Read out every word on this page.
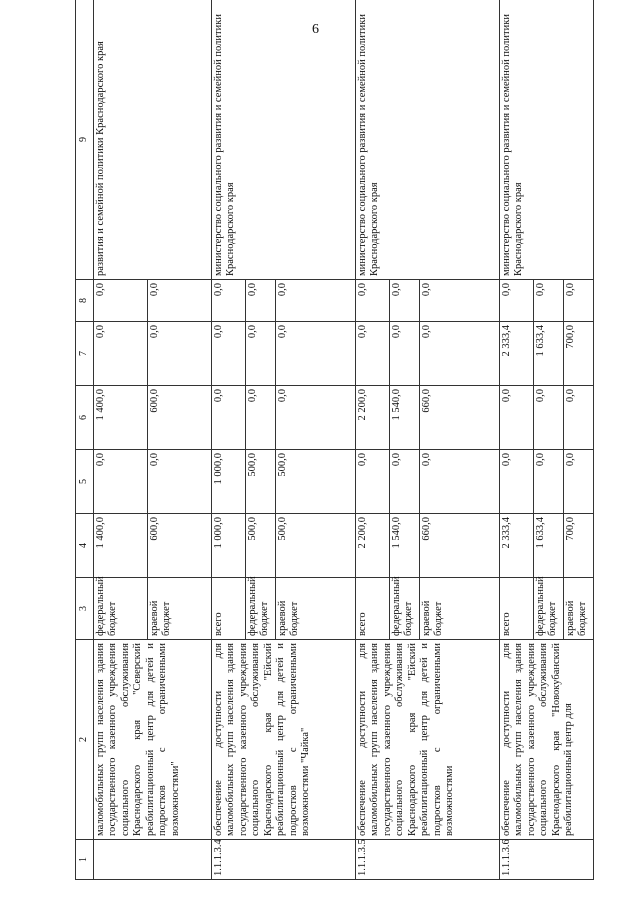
6
1	2	3	4	5	6	7	8	9
	маломобильных групп населения здания государственного казенного учреждения социального обслуживания Краснодарского края "Северский реабилитационный центр для детей и подростков с ограниченными возможностями"	федеральный бюджет	1 400,0	0,0	1 400,0	0,0	0,0	развития и семейной политики Краснодарского края
		краевой бюджет	600,0	0,0	600,0	0,0	0,0	
1.1.1.3.4	обеспечение доступности для маломобильных групп населения здания государственного казенного учреждения социального обслуживания Краснодарского края "Ейский реабилитационный центр для детей и подростков с ограниченными возможностями "Чайка"	всего	1 000,0	1 000,0	0,0	0,0	0,0	министерство социального развития и семейной политики Краснодарского края
		федеральный бюджет	500,0	500,0	0,0	0,0	0,0	
		краевой бюджет	500,0	500,0	0,0	0,0	0,0	
1.1.1.3.5	обеспечение доступности для маломобильных групп населения здания государственного казенного учреждения социального обслуживания Краснодарского края "Ейский реабилитационный центр для детей и подростков с ограниченными возможностями	всего	2 200,0	0,0	2 200,0	0,0	0,0	министерство социального развития и семейной политики Краснодарского края
		федеральный бюджет	1 540,0	0,0	1 540,0	0,0	0,0	
		краевой бюджет	660,0	0,0	660,0	0,0	0,0	
1.1.1.3.6	обеспечение доступности для маломобильных групп населения здания государственного казенного учреждения социального обслуживания Краснодарского края "Новокубанский реабилитационный центр для	всего	2 333,4	0,0	0,0	2 333,4	0,0	министерство социального развития и семейной политики Краснодарского края
		федеральный бюджет	1 633,4	0,0	0,0	1 633,4	0,0	
		краевой бюджет	700,0	0,0	0,0	700,0	0,0	
